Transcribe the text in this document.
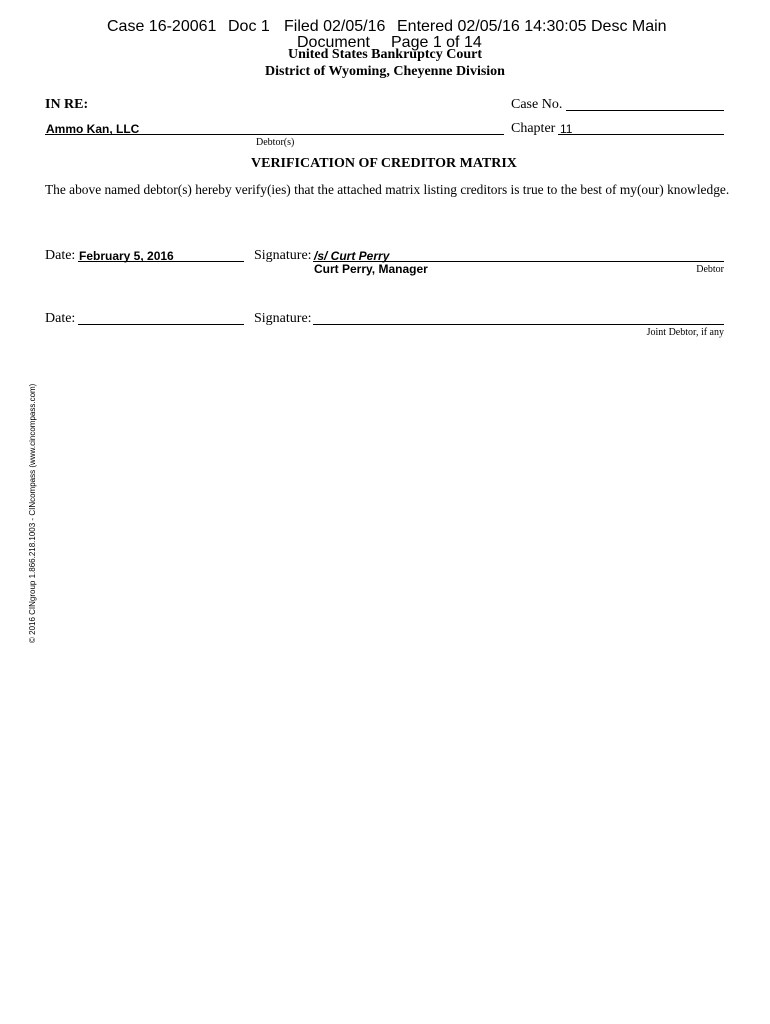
Case 16-20061 Doc 1 Filed 02/05/16 Entered 02/05/16 14:30:05 Desc Main
Document Page 1 of 14
United States Bankruptcy Court
District of Wyoming, Cheyenne Division
IN RE:	Case No.
Ammo Kan, LLC	Chapter 11
Debtor(s)
VERIFICATION OF CREDITOR MATRIX
The above named debtor(s) hereby verify(ies) that the attached matrix listing creditors is true to the best of my(our) knowledge.
Date: February 5, 2016	Signature: /s/ Curt Perry
Curt Perry, Manager	Debtor
Date:	Signature:
Joint Debtor, if any
© 2016 CINgroup 1.866.218.1003 - CINcompass (www.cincompass.com)
